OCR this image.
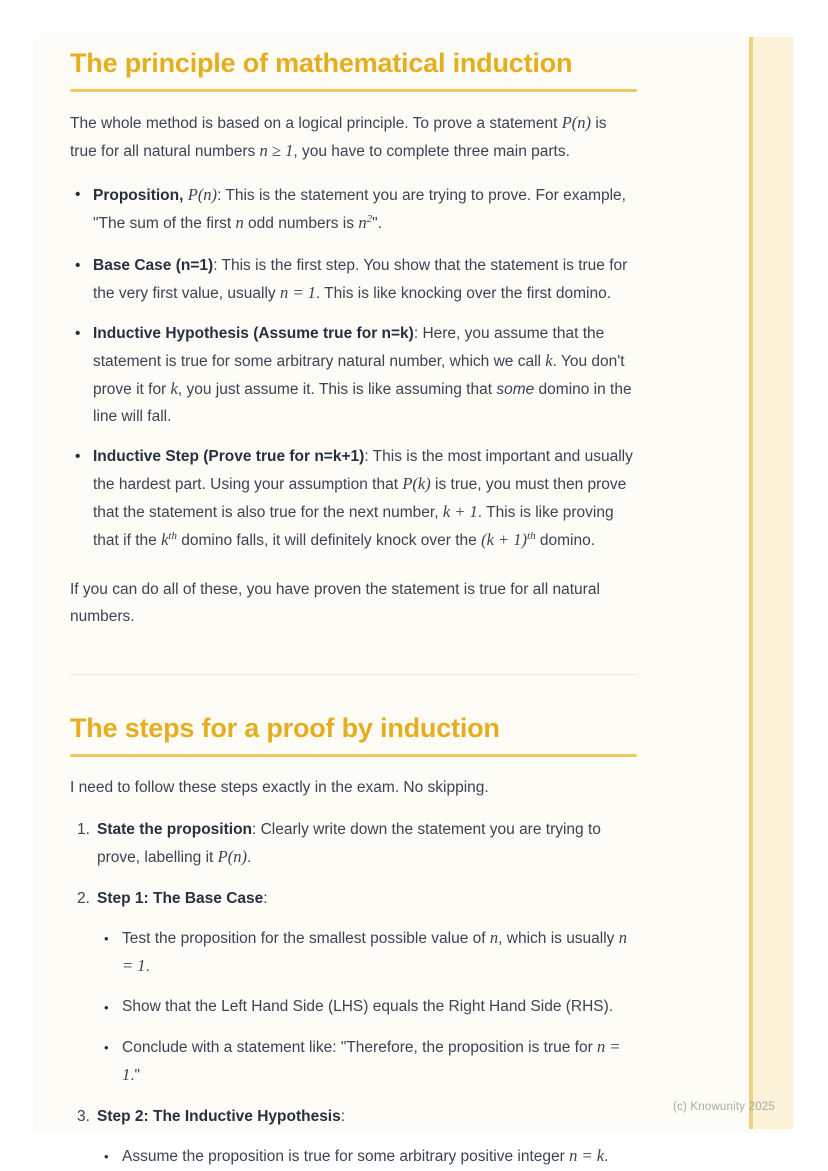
The principle of mathematical induction

The whole method is based on a logical principle. To prove a statement P(n) is true for all natural numbers n ≥ 1, you have to complete three main parts.

• Proposition, P(n): This is the statement you are trying to prove. For example, "The sum of the first n odd numbers is $n^2$".
• Base Case (n=1): This is the first step. You show that the statement is true for the very first value, usually n = 1. This is like knocking over the first domino.
• Inductive Hypothesis (Assume true for n=k): Here, you assume that the statement is true for some arbitrary natural number, which we call k. You don't prove it for k, you just assume it. This is like assuming that some domino in the line will fall.
• Inductive Step (Prove true for n=k+1): This is the most important and usually the hardest part. Using your assumption that P(k) is true, you must then prove that the statement is also true for the next number, k + 1. This is like proving that if the $k^{th}$ domino falls, it will definitely knock over the $(k + 1)^{th}$ domino.

If you can do all of these, you have proven the statement is true for all natural numbers.

The steps for a proof by induction

I need to follow these steps exactly in the exam. No skipping.

1. State the proposition: Clearly write down the statement you are trying to prove, labelling it P(n).
2. Step 1: The Base Case:
• Test the proposition for the smallest possible value of n, which is usually n = 1.
• Show that the Left Hand Side (LHS) equals the Right Hand Side (RHS).
• Conclude with a statement like: "Therefore, the proposition is true for n = 1."
3. Step 2: The Inductive Hypothesis:
• Assume the proposition is true for some arbitrary positive integer n = k.
(c) Knowunity 2025
